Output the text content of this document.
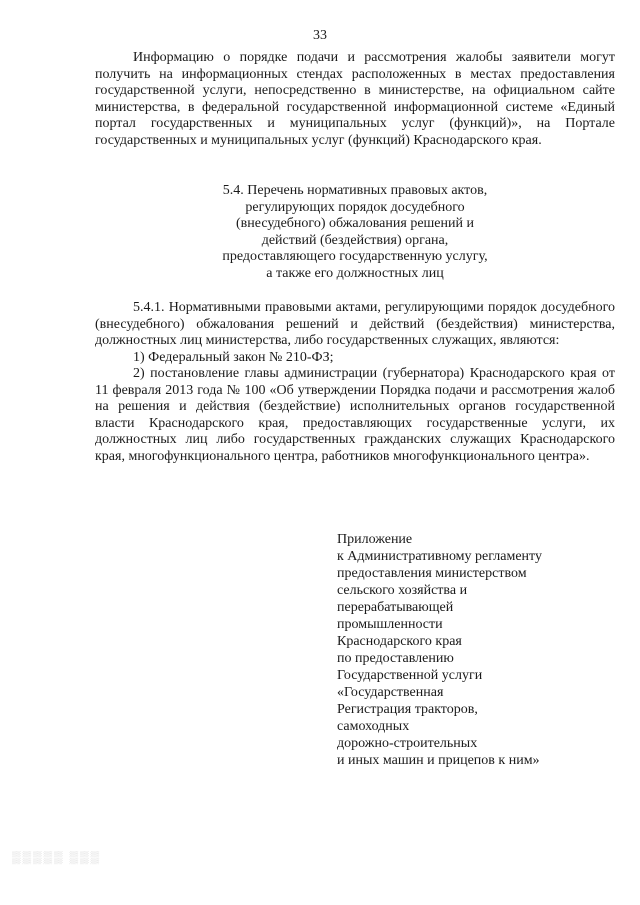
33

Информацию о порядке подачи и рассмотрения жалобы заявители могут получить на информационных стендах расположенных в местах предоставления государственной услуги, непосредственно в министерстве, на официальном сайте министерства, в федеральной государственной информационной системе «Единый портал государственных и муниципальных услуг (функций)», на Портале государственных и муниципальных услуг (функций) Краснодарского края.

5.4. Перечень нормативных правовых актов,
регулирующих порядок досудебного
(внесудебного) обжалования решений и
действий (бездействия) органа,
предоставляющего государственную услугу,
а также его должностных лиц

5.4.1. Нормативными правовыми актами, регулирующими порядок досудебного (внесудебного) обжалования решений и действий (бездействия) министерства, должностных лиц министерства, либо государственных служащих, являются:

1) Федеральный закон № 210-ФЗ;

2) постановление главы администрации (губернатора) Краснодарского края от 11 февраля 2013 года № 100 «Об утверждении Порядка подачи и рассмотрения жалоб на решения и действия (бездействие) исполнительных органов государственной власти Краснодарского края, предоставляющих государственные услуги, их должностных лиц либо государственных гражданских служащих Краснодарского края, многофункционального центра, работников многофункционального центра».

Приложение
к Административному регламенту
предоставления министерством
сельского хозяйства и
перерабатывающей
промышленности
Краснодарского края
по предоставлению
Государственной услуги
«Государственная
Регистрация тракторов,
самоходных
дорожно-строительных
и иных машин и прицепов к ним»
▒▒▒▒▒ ▒▒▒
